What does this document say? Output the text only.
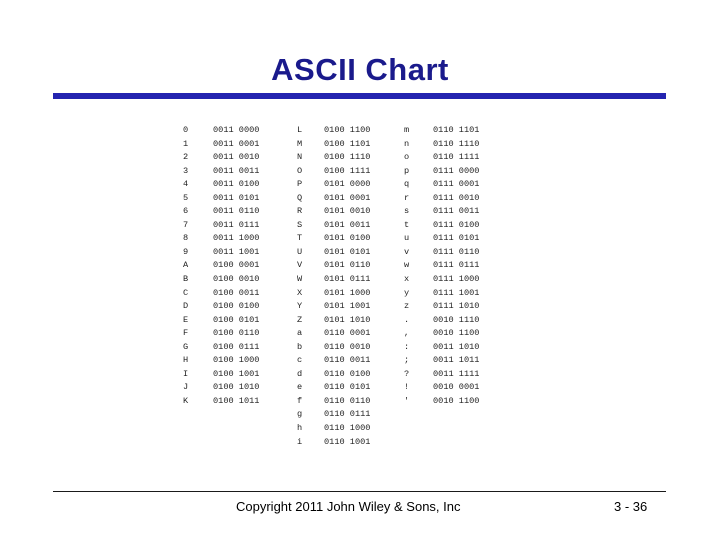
ASCII Chart
0
1
2
3
4
5
6
7
8
9
A
B
C
D
E
F
G
H
I
J
K
0011 0000
0011 0001
0011 0010
0011 0011
0011 0100
0011 0101
0011 0110
0011 0111
0011 1000
0011 1001
0100 0001
0100 0010
0100 0011
0100 0100
0100 0101
0100 0110
0100 0111
0100 1000
0100 1001
0100 1010
0100 1011
L
M
N
O
P
Q
R
S
T
U
V
W
X
Y
Z
a
b
c
d
e
f
g
h
i
0100 1100
0100 1101
0100 1110
0100 1111
0101 0000
0101 0001
0101 0010
0101 0011
0101 0100
0101 0101
0101 0110
0101 0111
0101 1000
0101 1001
0101 1010
0110 0001
0110 0010
0110 0011
0110 0100
0110 0101
0110 0110
0110 0111
0110 1000
0110 1001
m
n
o
p
q
r
s
t
u
v
w
x
y
z
.
,
:
;
?
!
'
0110 1101
0110 1110
0110 1111
0111 0000
0111 0001
0111 0010
0111 0011
0111 0100
0111 0101
0111 0110
0111 0111
0111 1000
0111 1001
0111 1010
0010 1110
0010 1100
0011 1010
0011 1011
0011 1111
0010 0001
0010 1100
Copyright 2011 John Wiley & Sons, Inc	3 - 36
